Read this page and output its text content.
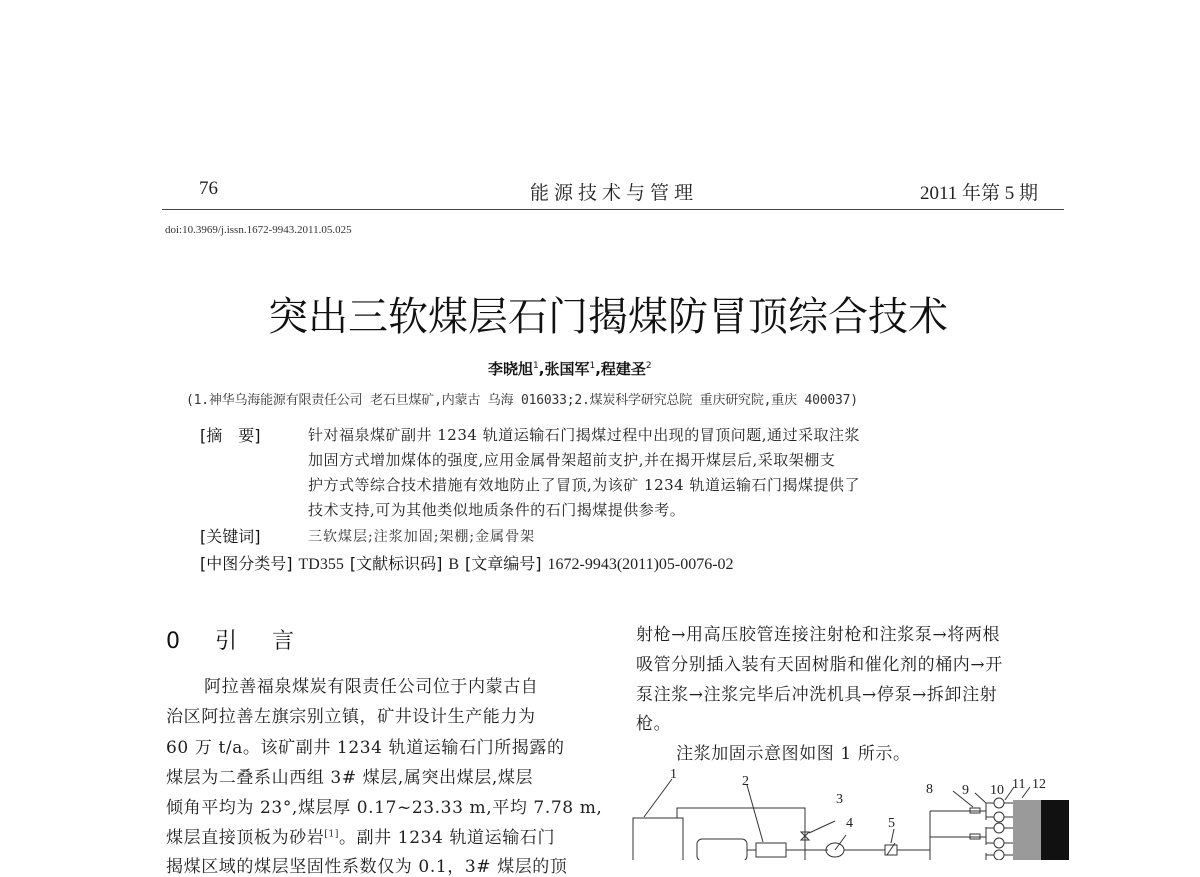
76	能源技术与管理	2011 年第 5 期
doi:10.3969/j.issn.1672-9943.2011.05.025
突出三软煤层石门揭煤防冒顶综合技术
李晓旭$^1$,张国军$^1$,程建圣$^2$
(1.神华乌海能源有限责任公司 老石旦煤矿,内蒙古 乌海 016033;2.煤炭科学研究总院 重庆研究院,重庆 400037)
[摘　要]	针对福泉煤矿副井 1234 轨道运输石门揭煤过程中出现的冒顶问题,通过采取注浆
加固方式增加煤体的强度,应用金属骨架超前支护,并在揭开煤层后,采取架棚支
护方式等综合技术措施有效地防止了冒顶,为该矿 1234 轨道运输石门揭煤提供了
技术支持,可为其他类似地质条件的石门揭煤提供参考。
[关键词]	三软煤层;注浆加固;架棚;金属骨架
[中图分类号] TD355 [文献标识码] B [文章编号] 1672-9943(2011)05-0076-02
0 引 言
阿拉善福泉煤炭有限责任公司位于内蒙古自
治区阿拉善左旗宗别立镇，矿井设计生产能力为
60 万 t/a。该矿副井 1234 轨道运输石门所揭露的
煤层为二叠系山西组 3# 煤层,属突出煤层,煤层
倾角平均为 23°,煤层厚 0.17~23.33 m,平均 7.78 m,
煤层直接顶板为砂岩[1]。副井 1234 轨道运输石门
揭煤区域的煤层坚固性系数仅为 0.1，3# 煤层的顶
射枪→用高压胶管连接注射枪和注浆泵→将两根
吸管分别插入装有天固树脂和催化剂的桶内→开
泵注浆→注浆完毕后冲洗机具→停泵→拆卸注射
枪。
注浆加固示意图如图 1 所示。
1	2
3
4	5
8 9 10 11 12
